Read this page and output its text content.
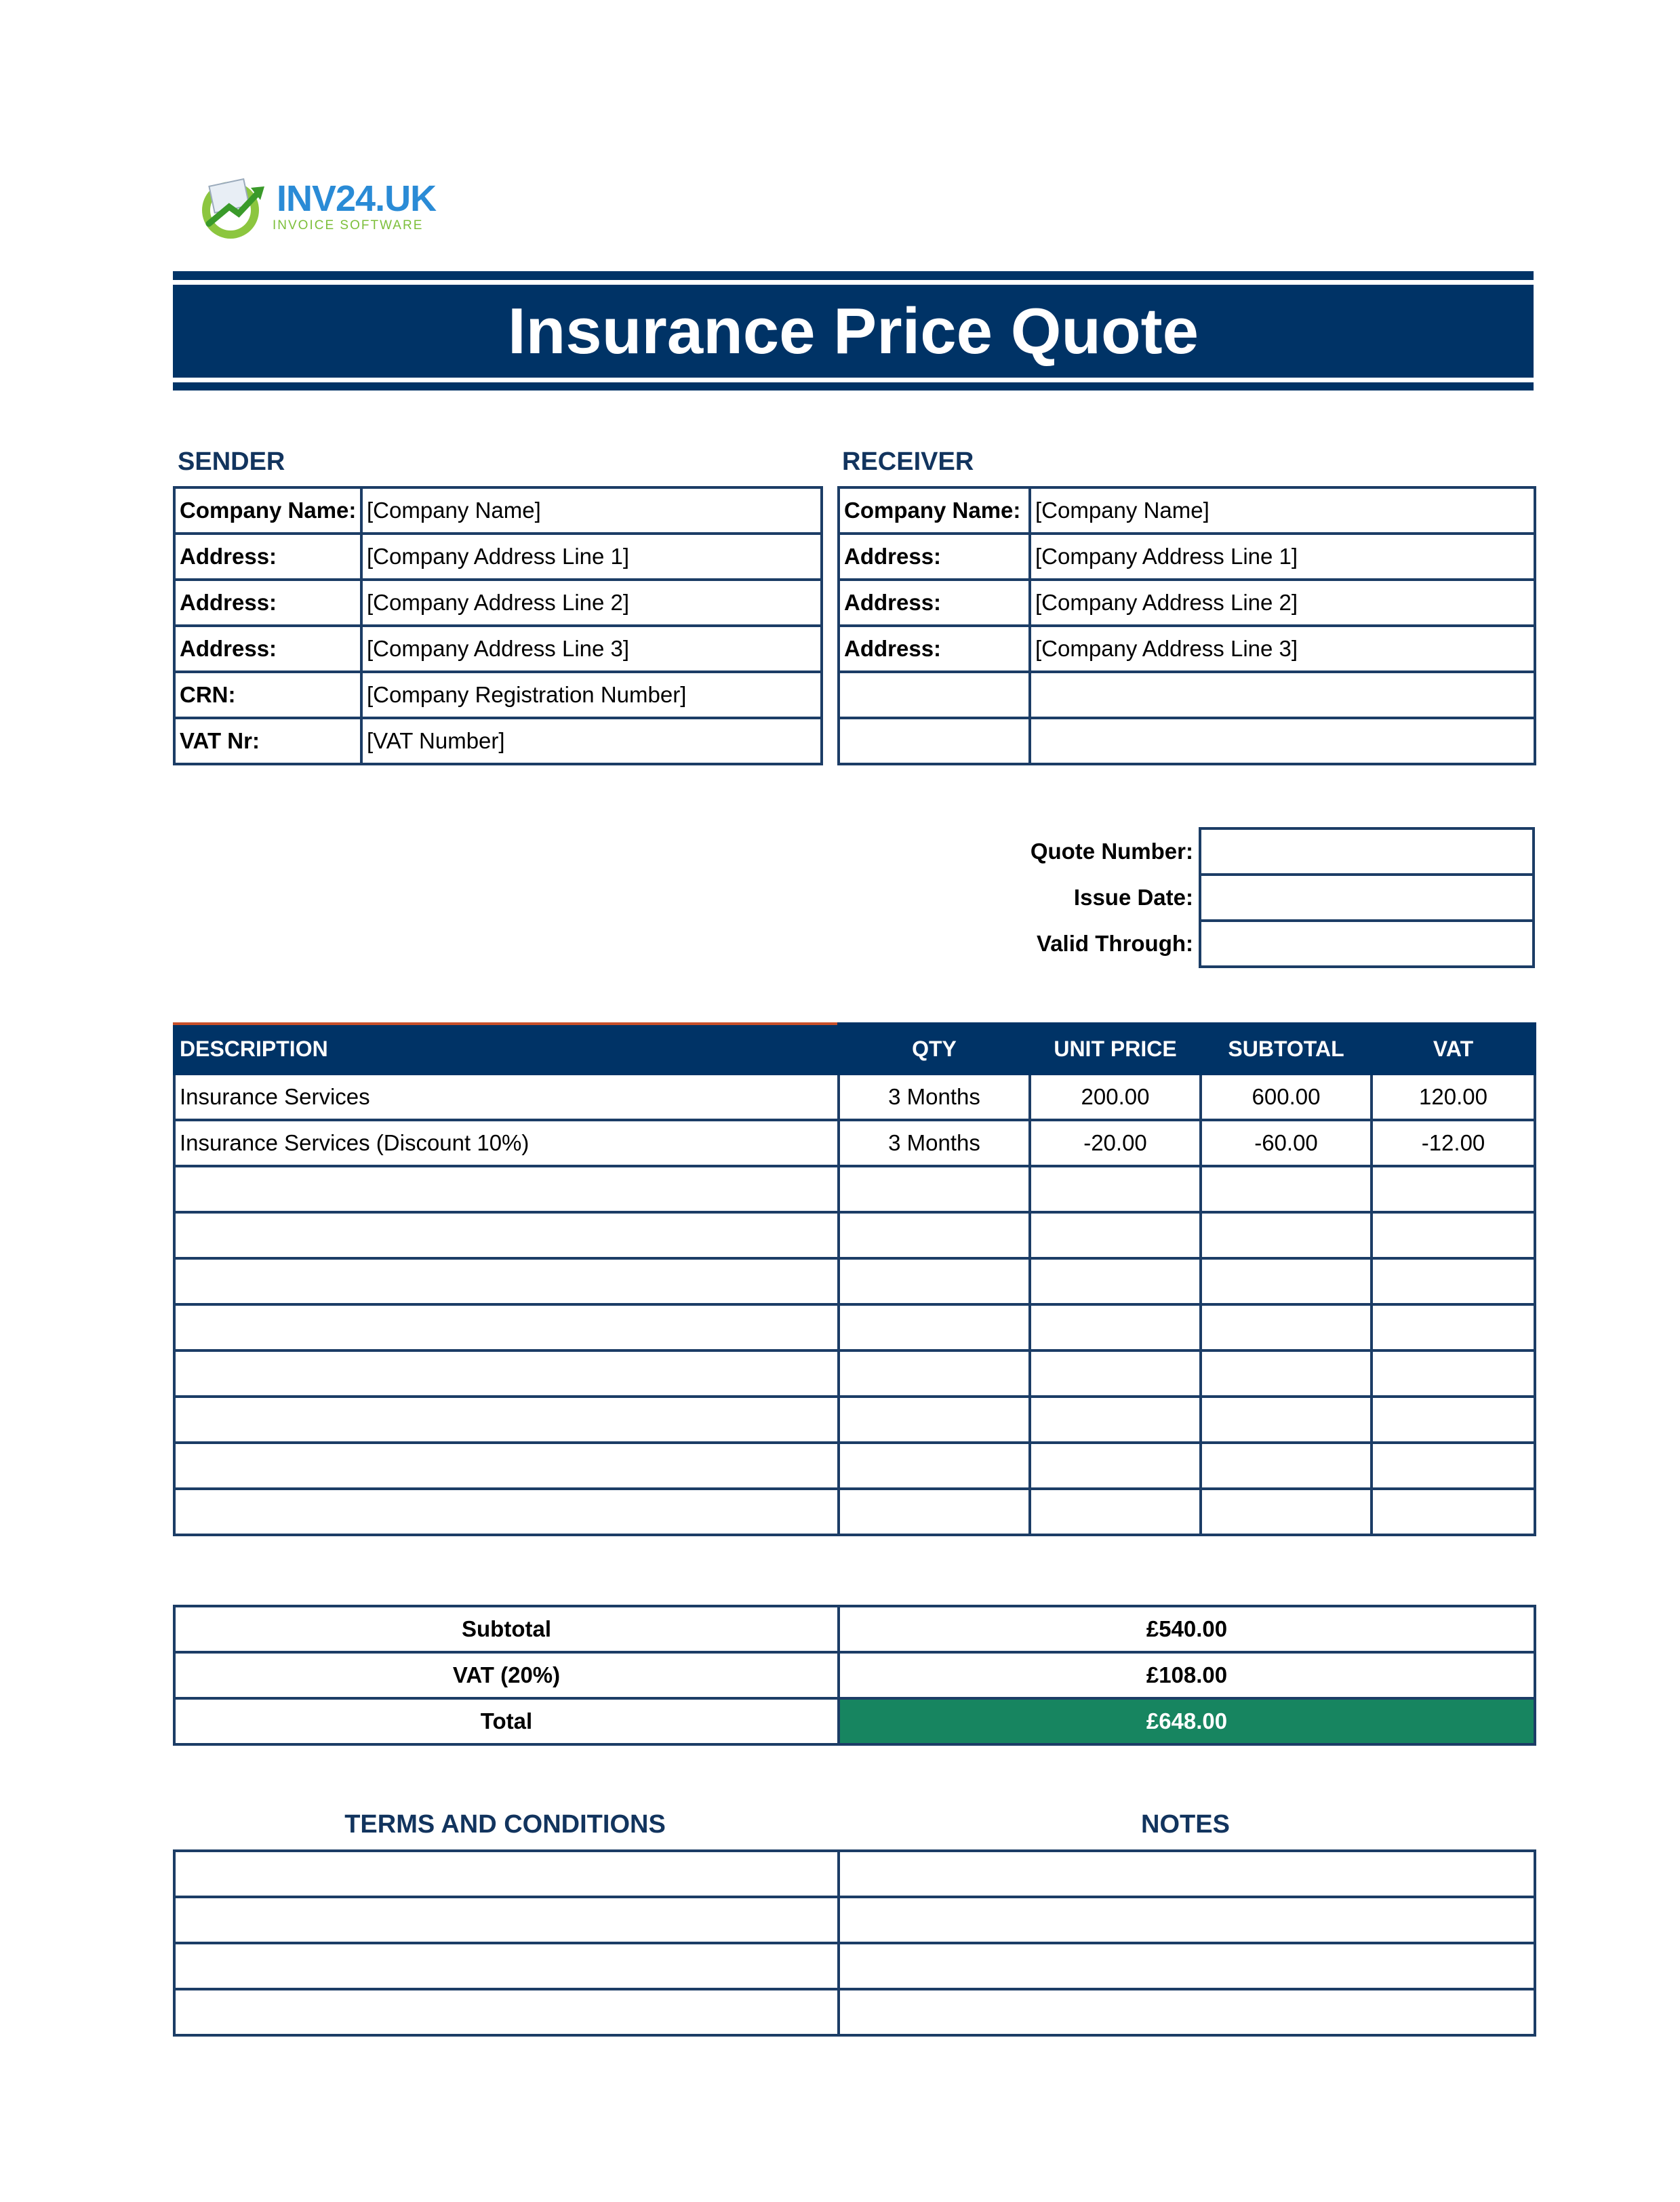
INV24.UK
INVOICE SOFTWARE
Insurance Price Quote
SENDER
Company Name:	[Company Name]
Address:	[Company Address Line 1]
Address:	[Company Address Line 2]
Address:	[Company Address Line 3]
CRN:	[Company Registration Number]
VAT Nr:	[VAT Number]
RECEIVER
Company Name:	[Company Name]
Address:	[Company Address Line 1]
Address:	[Company Address Line 2]
Address:	[Company Address Line 3]

Quote Number:	
Issue Date:	
Valid Through:	
DESCRIPTION	QTY	UNIT PRICE	SUBTOTAL	VAT
Insurance Services	3 Months	200.00	600.00	120.00
Insurance Services (Discount 10%)	3 Months	-20.00	-60.00	-12.00

Subtotal	£540.00
VAT (20%)	£108.00
Total	£648.00
TERMS AND CONDITIONS	NOTES
